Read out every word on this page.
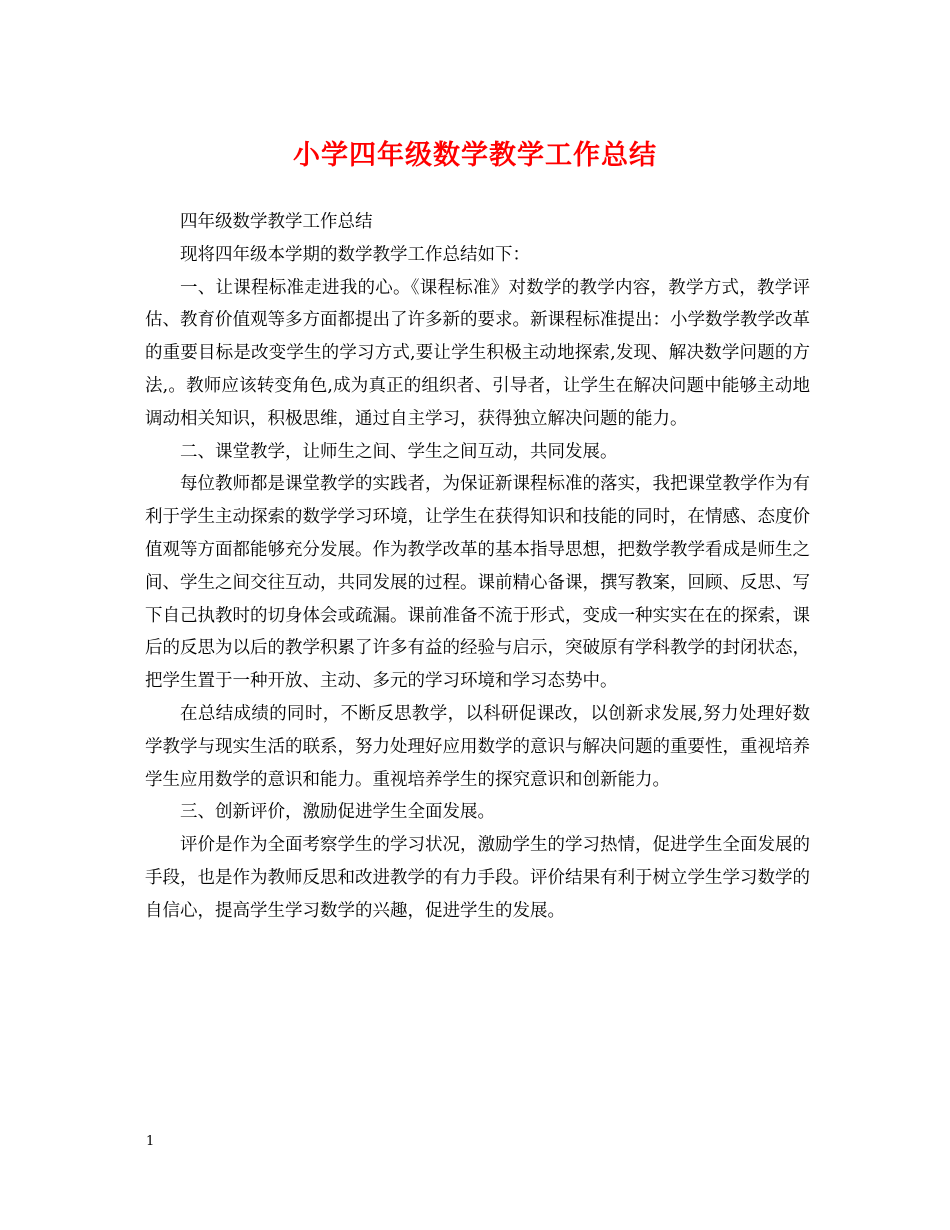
小学四年级数学教学工作总结

四年级数学教学工作总结

现将四年级本学期的数学教学工作总结如下：

一、让课程标准走进我的心。《课程标准》对数学的教学内容，教学方式，教学评估、教育价值观等多方面都提出了许多新的要求。新课程标准提出：小学数学教学改革的重要目标是改变学生的学习方式,要让学生积极主动地探索,发现、解决数学问题的方法,。教师应该转变角色,成为真正的组织者、引导者，让学生在解决问题中能够主动地调动相关知识，积极思维，通过自主学习，获得独立解决问题的能力。

二、课堂教学，让师生之间、学生之间互动，共同发展。

每位教师都是课堂教学的实践者，为保证新课程标准的落实，我把课堂教学作为有利于学生主动探索的数学学习环境，让学生在获得知识和技能的同时，在情感、态度价值观等方面都能够充分发展。作为教学改革的基本指导思想，把数学教学看成是师生之间、学生之间交往互动，共同发展的过程。课前精心备课，撰写教案，回顾、反思、写下自己执教时的切身体会或疏漏。课前准备不流于形式，变成一种实实在在的探索，课后的反思为以后的教学积累了许多有益的经验与启示，突破原有学科教学的封闭状态，把学生置于一种开放、主动、多元的学习环境和学习态势中。

在总结成绩的同时，不断反思教学，以科研促课改，以创新求发展,努力处理好数学教学与现实生活的联系，努力处理好应用数学的意识与解决问题的重要性，重视培养学生应用数学的意识和能力。重视培养学生的探究意识和创新能力。

三、创新评价，激励促进学生全面发展。

评价是作为全面考察学生的学习状况，激励学生的学习热情，促进学生全面发展的手段，也是作为教师反思和改进教学的有力手段。评价结果有利于树立学生学习数学的自信心，提高学生学习数学的兴趣，促进学生的发展。

1
